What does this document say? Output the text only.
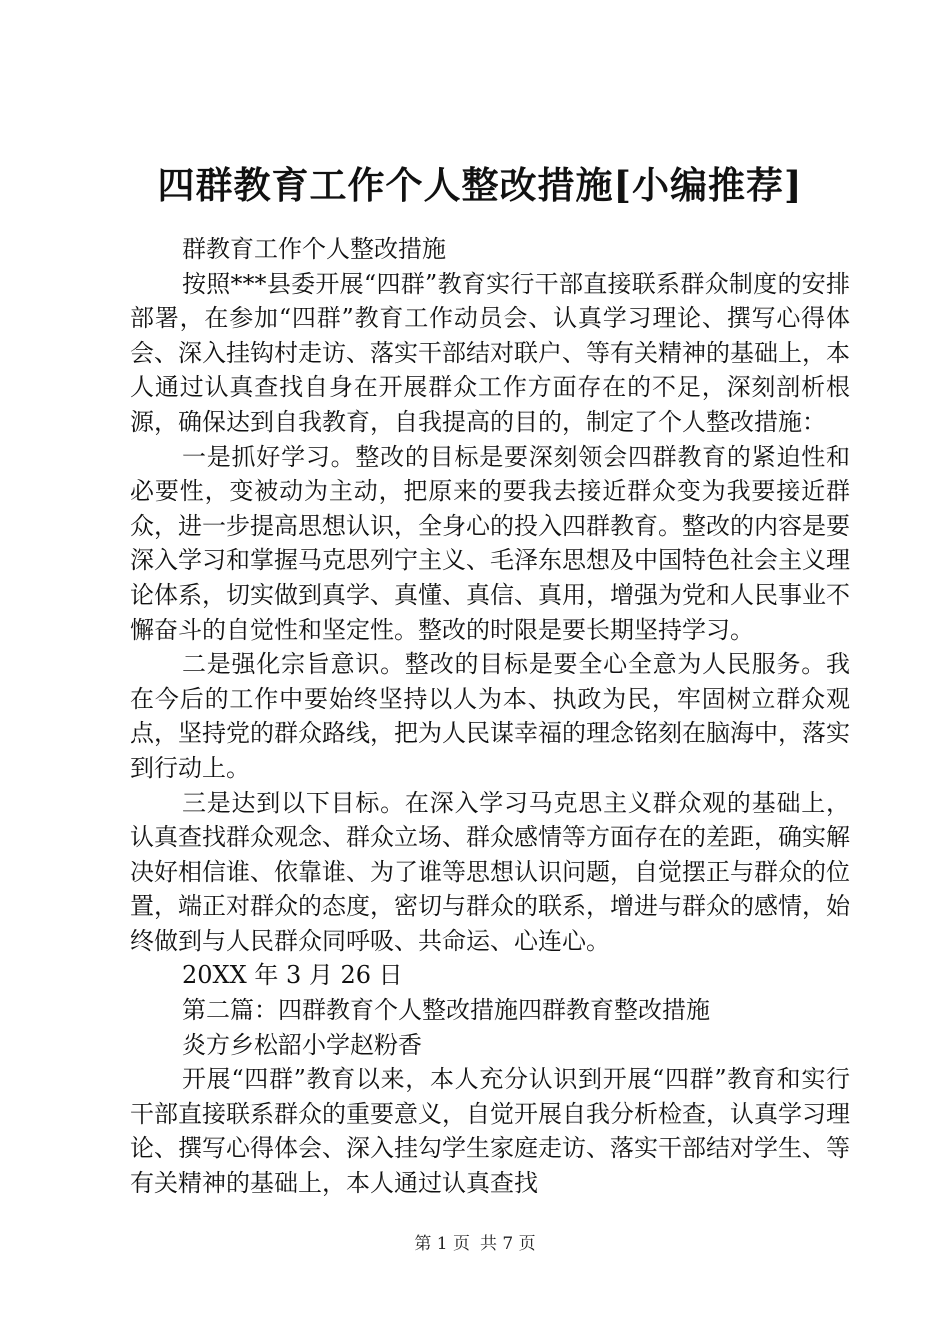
四群教育工作个人整改措施[小编推荐]

群教育工作个人整改措施

按照***县委开展“四群”教育实行干部直接联系群众制度的安排部署，在参加“四群”教育工作动员会、认真学习理论、撰写心得体会、深入挂钩村走访、落实干部结对联户、等有关精神的基础上，本人通过认真查找自身在开展群众工作方面存在的不足，深刻剖析根源，确保达到自我教育，自我提高的目的，制定了个人整改措施：

一是抓好学习。整改的目标是要深刻领会四群教育的紧迫性和必要性，变被动为主动，把原来的要我去接近群众变为我要接近群众，进一步提高思想认识，全身心的投入四群教育。整改的内容是要深入学习和掌握马克思列宁主义、毛泽东思想及中国特色社会主义理论体系，切实做到真学、真懂、真信、真用，增强为党和人民事业不懈奋斗的自觉性和坚定性。整改的时限是要长期坚持学习。

二是强化宗旨意识。整改的目标是要全心全意为人民服务。我在今后的工作中要始终坚持以人为本、执政为民，牢固树立群众观点，坚持党的群众路线，把为人民谋幸福的理念铭刻在脑海中，落实到行动上。

三是达到以下目标。在深入学习马克思主义群众观的基础上，认真查找群众观念、群众立场、群众感情等方面存在的差距，确实解决好相信谁、依靠谁、为了谁等思想认识问题，自觉摆正与群众的位置，端正对群众的态度，密切与群众的联系，增进与群众的感情，始终做到与人民群众同呼吸、共命运、心连心。

20XX 年 3 月 26 日

第二篇：四群教育个人整改措施四群教育整改措施

炎方乡松韶小学赵粉香

开展“四群”教育以来，本人充分认识到开展“四群”教育和实行干部直接联系群众的重要意义，自觉开展自我分析检查，认真学习理论、撰写心得体会、深入挂勾学生家庭走访、落实干部结对学生、等有关精神的基础上，本人通过认真查找

第 1 页 共 7 页
